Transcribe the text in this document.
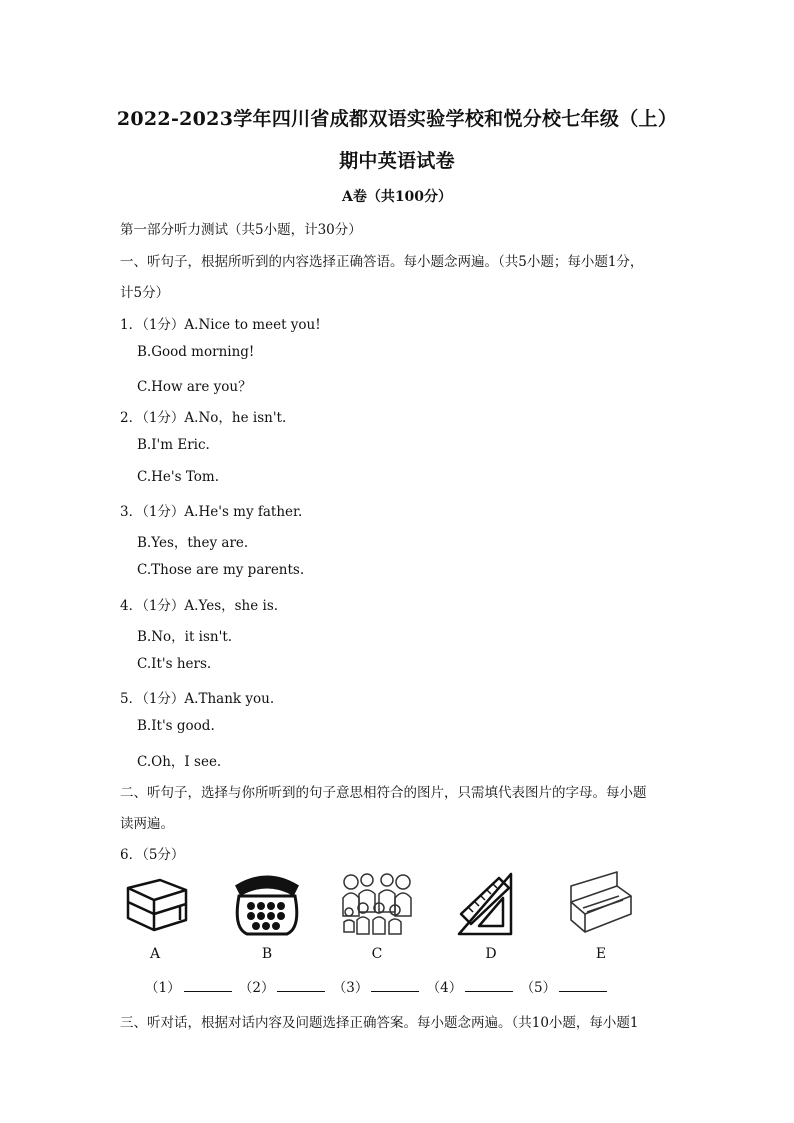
2022-2023学年四川省成都双语实验学校和悦分校七年级（上）
期中英语试卷
A卷（共100分）
第一部分听力测试（共5小题，计30分）
一、听句子，根据所听到的内容选择正确答语。每小题念两遍。（共5小题；每小题1分，
计5分）
1．（1分）A.Nice to meet you!
B.Good morning!
C.How are you？
2．（1分）A.No，he isn't.
B.I'm Eric.
C.He's Tom.
3．（1分）A.He's my father.
B.Yes，they are.
C.Those are my parents.
4．（1分）A.Yes，she is.
B.No，it isn't.
C.It's hers.
5．（1分）A.Thank you.
B.It's good.
C.Oh，I see.
二、听句子，选择与你所听到的句子意思相符合的图片，只需填代表图片的字母。每小题
读两遍。
6．（5分）
A	B	C	D	E
（1）	（2）	（3）	（4）	（5）
三、听对话，根据对话内容及问题选择正确答案。每小题念两遍。（共10小题，每小题1
